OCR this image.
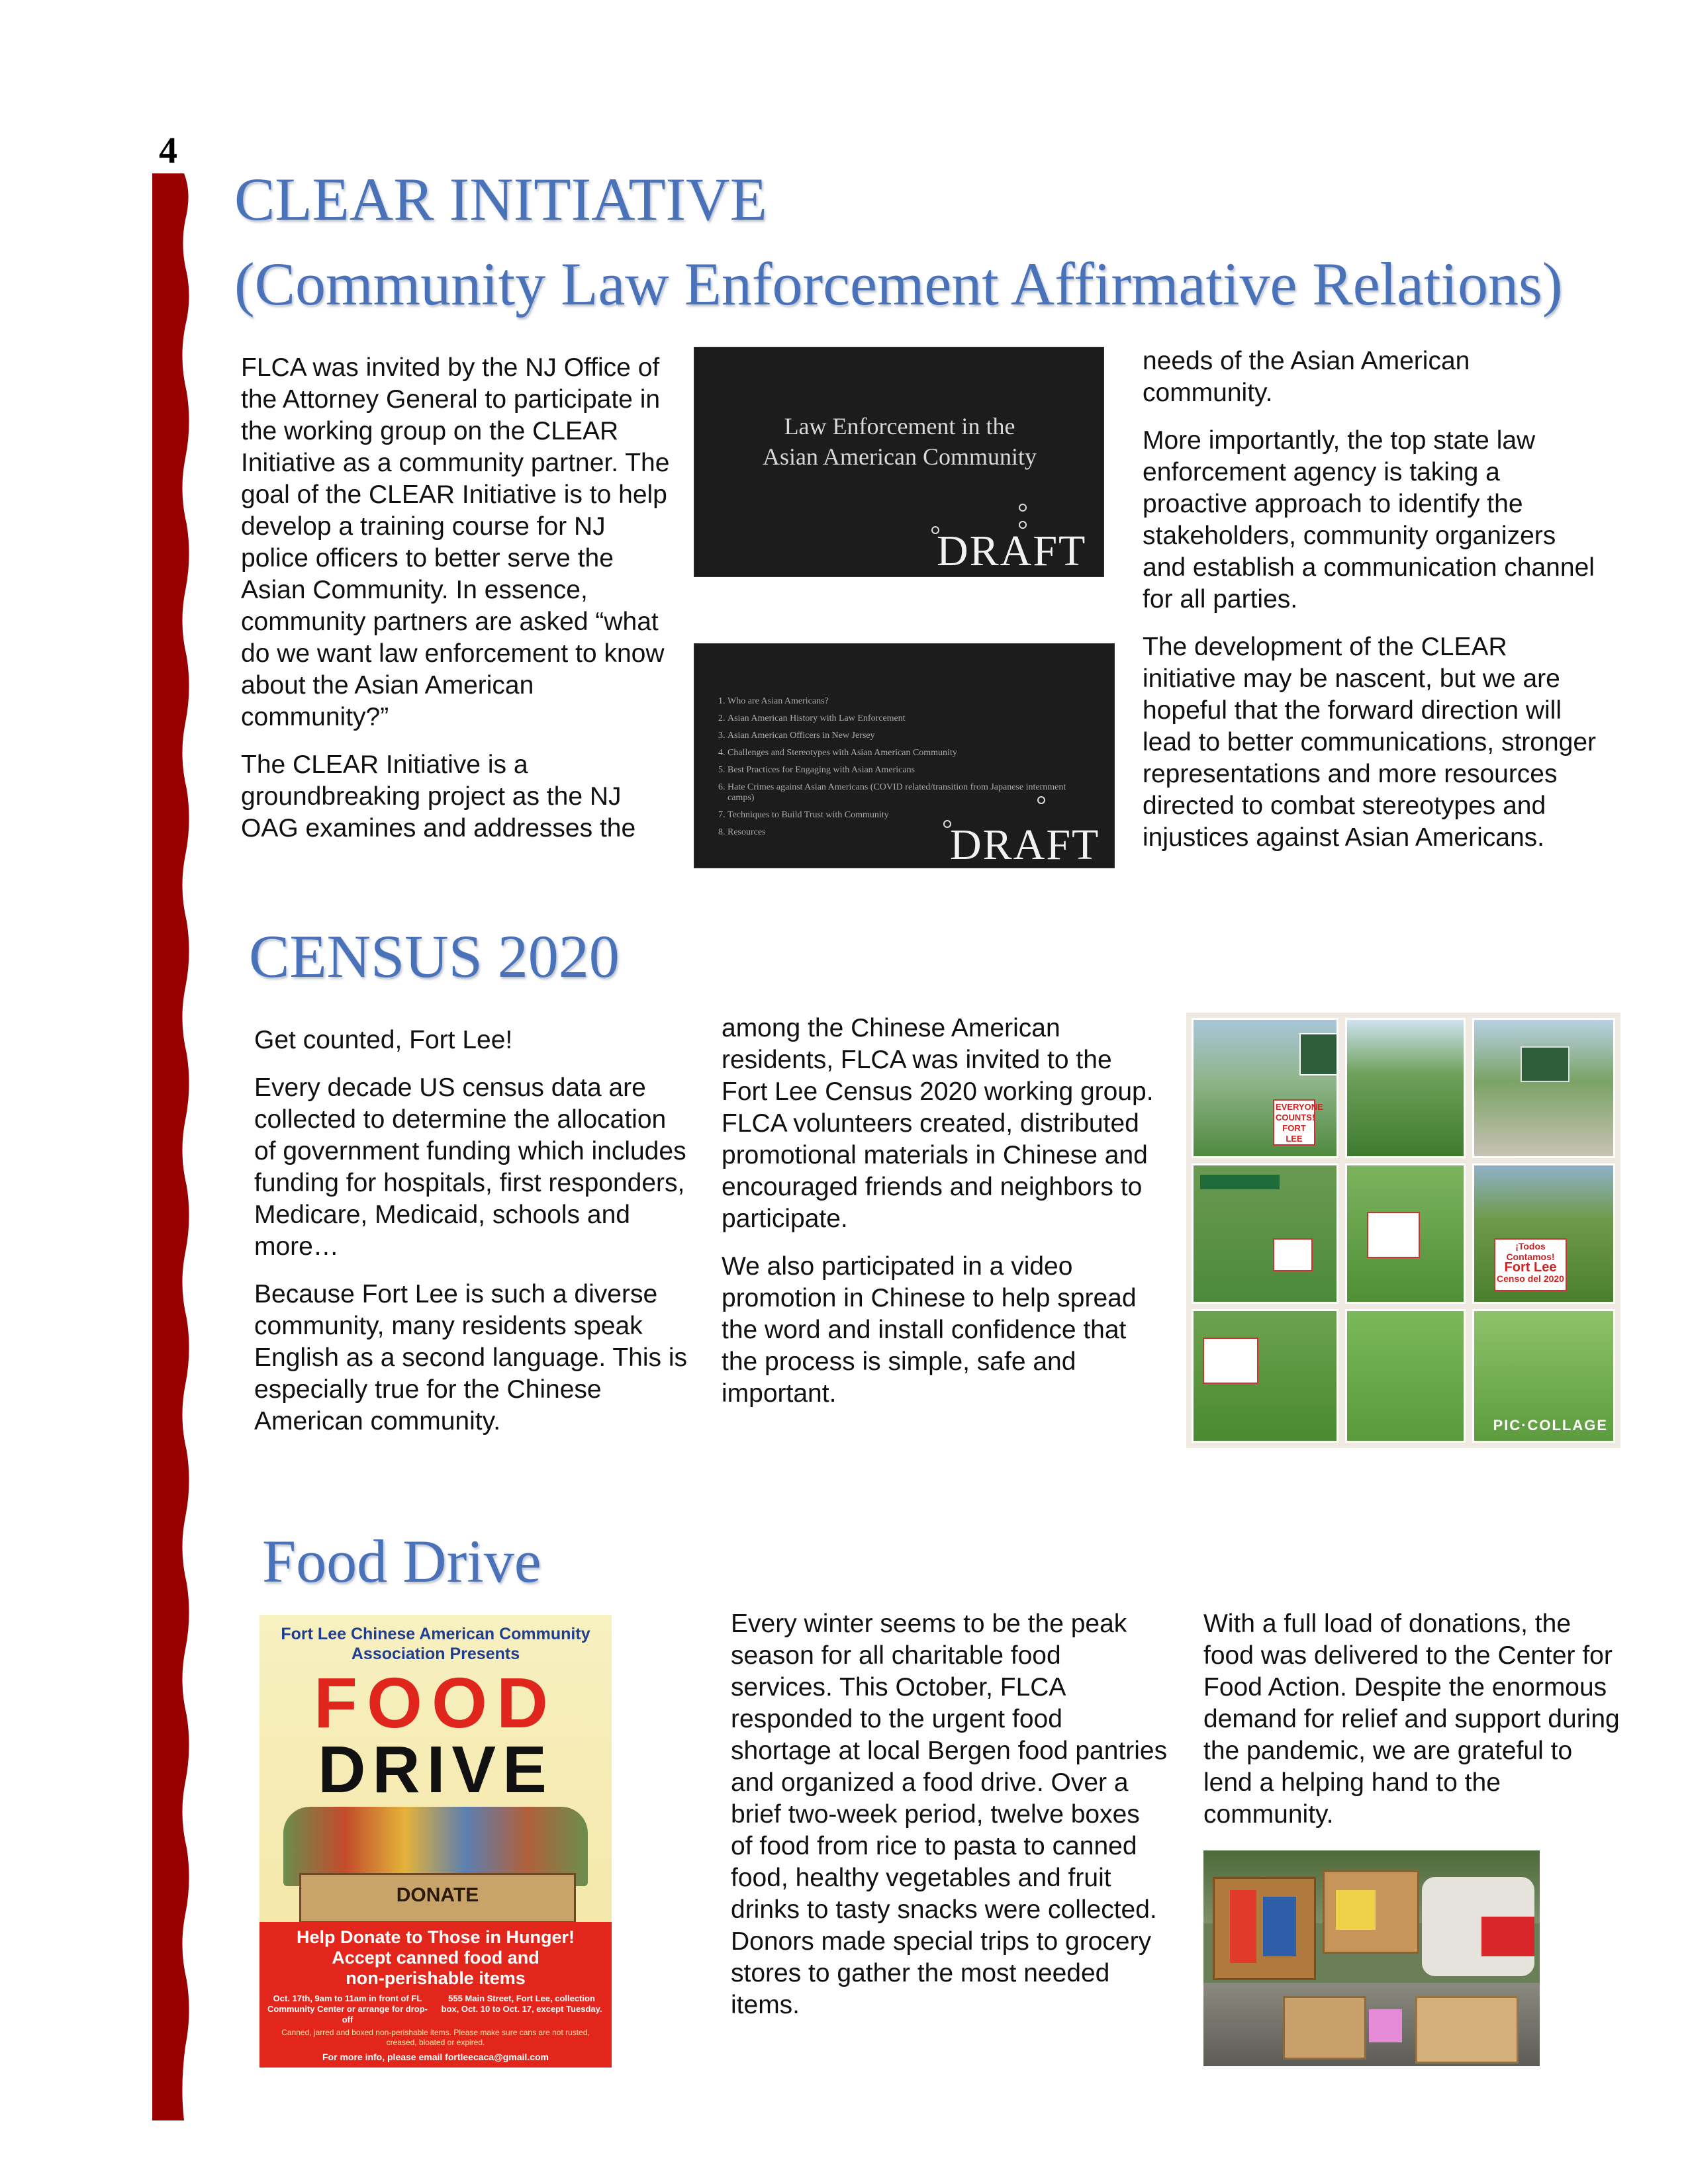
4
CLEAR INITIATIVE
(Community Law Enforcement Affirmative Relations)

FLCA was invited by the NJ Office of the Attorney General to participate in the working group on the CLEAR Initiative as a community partner. The goal of the CLEAR Initiative is to help develop a training course for NJ police officers to better serve the Asian Community. In essence, community partners are asked “what do we want law enforcement to know about the Asian American community?”

The CLEAR Initiative is a groundbreaking project as the NJ OAG examines and addresses the

Law Enforcement in the
Asian American Community
DRAFT
1. Who are Asian Americans?
2. Asian American History with Law Enforcement
3. Asian American Officers in New Jersey
4. Challenges and Stereotypes with Asian American Community
5. Best Practices for Engaging with Asian Americans
6. Hate Crimes against Asian Americans (COVID related/transition from Japanese internment camps)
7. Techniques to Build Trust with Community
8. Resources	DRAFT

needs of the Asian American community.

More importantly, the top state law enforcement agency is taking a proactive approach to identify the stakeholders, community organizers and establish a communication channel for all parties.

The development of the CLEAR initiative may be nascent, but we are hopeful that the forward direction will lead to better communications, stronger representations and more resources directed to combat stereotypes and injustices against Asian Americans.

CENSUS 2020

Get counted, Fort Lee!

Every decade US census data are collected to determine the allocation of government funding which includes funding for hospitals, first responders, Medicare, Medicaid, schools and more…

Because Fort Lee is such a diverse community, many residents speak English as a second language. This is especially true for the Chinese American community.

among the Chinese American residents, FLCA was invited to the Fort Lee Census 2020 working group. FLCA volunteers created, distributed promotional materials in Chinese and encouraged friends and neighbors to participate.

We also participated in a video promotion in Chinese to help spread the word and install confidence that the process is simple, safe and important.

EVERYONE COUNTS!
FORT LEE
¡Todos Contamos!
Fort Lee
Censo del 2020
PIC·COLLAGE
Food Drive
Fort Lee Chinese American Community
Association Presents
FOOD
DRIVE
DONATE
Help Donate to Those in Hunger!
Accept canned food and
non-perishable items
Oct. 17th, 9am to 11am in front of FL Community Center or arrange for drop-off
555 Main Street, Fort Lee, collection box, Oct. 10 to Oct. 17, except Tuesday.
Canned, jarred and boxed non-perishable items. Please make sure cans are not rusted, creased, bloated or expired.
For more info, please email fortleecaca@gmail.com

Every winter seems to be the peak season for all charitable food services. This October, FLCA responded to the urgent food shortage at local Bergen food pantries and organized a food drive. Over a brief two-week period, twelve boxes of food from rice to pasta to canned food, healthy vegetables and fruit drinks to tasty snacks were collected. Donors made special trips to grocery stores to gather the most needed items.

With a full load of donations, the food was delivered to the Center for Food Action. Despite the enormous demand for relief and support during the pandemic, we are grateful to lend a helping hand to the community.
